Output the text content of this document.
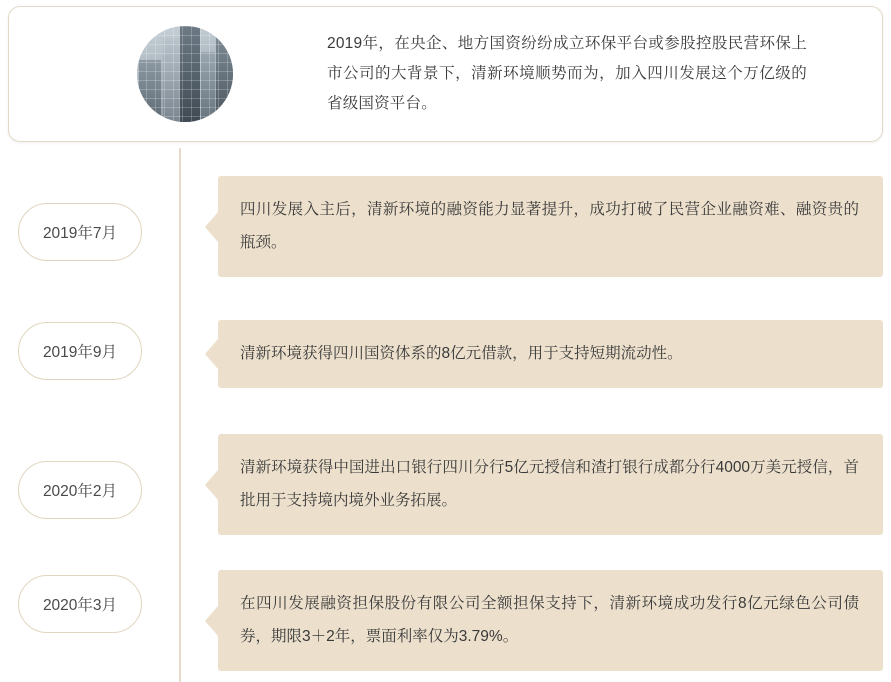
2019年，在央企、地方国资纷纷成立环保平台或参股控股民营环保上市公司的大背景下，清新环境顺势而为，加入四川发展这个万亿级的省级国资平台。
2019年7月
四川发展入主后，清新环境的融资能力显著提升，成功打破了民营企业融资难、融资贵的瓶颈。
2019年9月	清新环境获得四川国资体系的8亿元借款，用于支持短期流动性。
2020年2月
清新环境获得中国进出口银行四川分行5亿元授信和渣打银行成都分行4000万美元授信，首批用于支持境内境外业务拓展。
2020年3月	在四川发展融资担保股份有限公司全额担保支持下，清新环境成功发行8亿元绿色公司债券，期限3＋2年，票面利率仅为3.79%。
